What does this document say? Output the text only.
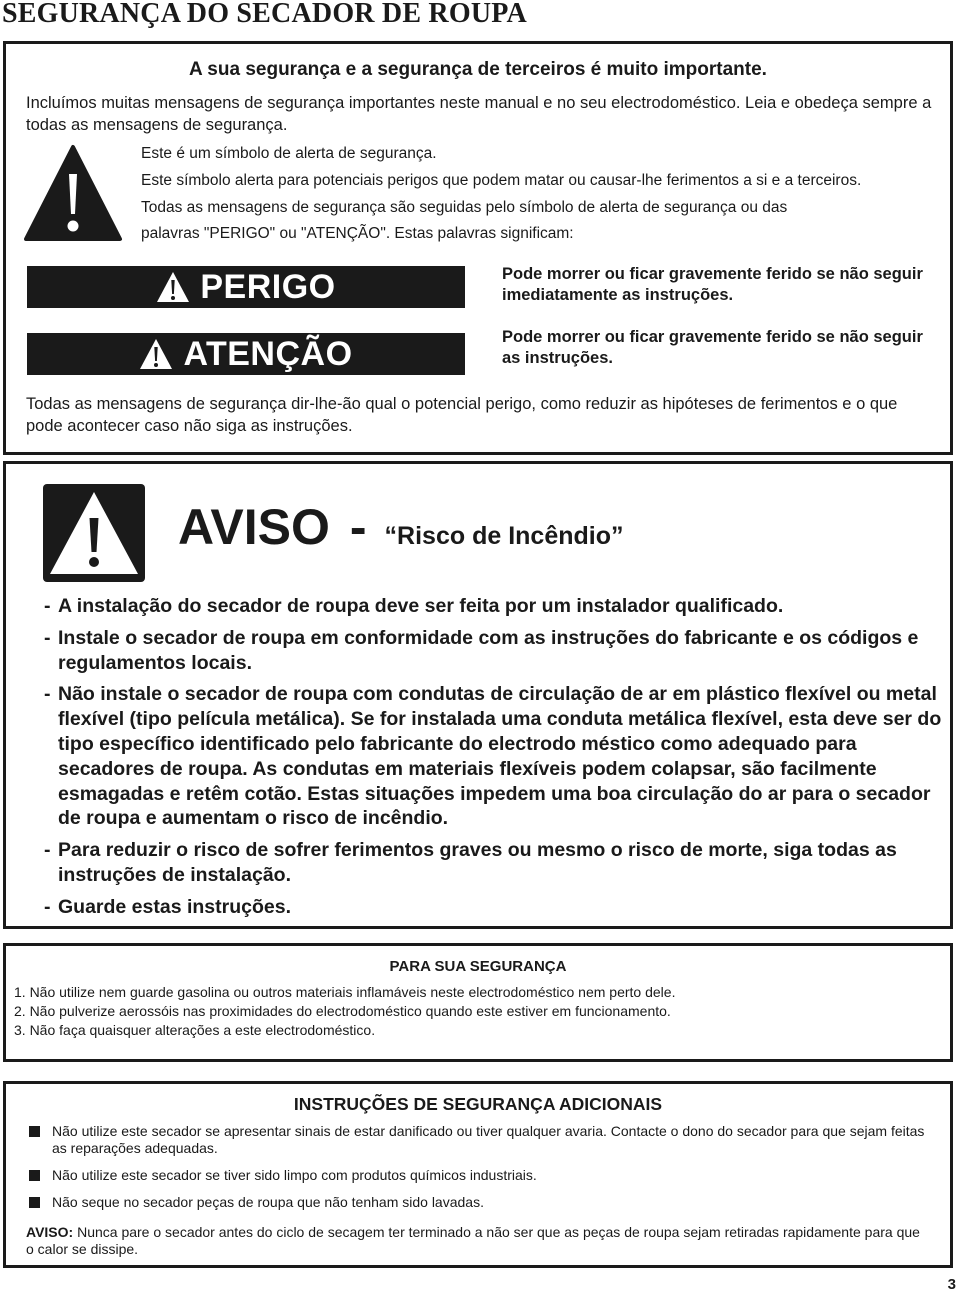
SEGURANÇA DO SECADOR DE ROUPA
A sua segurança e a segurança de terceiros é muito importante.
Incluímos muitas mensagens de segurança importantes neste manual e no seu electrodoméstico. Leia e obedeça sempre a todas as mensagens de segurança.
Este é um símbolo de alerta de segurança.
Este símbolo alerta para potenciais perigos que podem matar ou causar-lhe ferimentos a si e a terceiros.
Todas as mensagens de segurança são seguidas pelo símbolo de alerta de segurança ou das
palavras "PERIGO" ou "ATENÇÃO". Estas palavras significam:
PERIGO	Pode morrer ou ficar gravemente ferido se não seguir imediatamente as instruções.
ATENÇÃO	Pode morrer ou ficar gravemente ferido se não seguir as instruções.
Todas as mensagens de segurança dir-lhe-ão qual o potencial perigo, como reduzir as hipóteses de ferimentos e o que pode acontecer caso não siga as instruções.
AVISO - “Risco de Incêndio”
- A instalação do secador de roupa deve ser feita por um instalador qualificado.
- Instale o secador de roupa em conformidade com as instruções do fabricante e os códigos e regulamentos locais.
- Não instale o secador de roupa com condutas de circulação de ar em plástico flexível ou metal flexível (tipo película metálica). Se for instalada uma conduta metálica flexível, esta deve ser do tipo específico identificado pelo fabricante do electrodo méstico como adequado para secadores de roupa. As condutas em materiais flexíveis podem colapsar, são facilmente esmagadas e retêm cotão. Estas situações impedem uma boa circulação do ar para o secador de roupa e aumentam o risco de incêndio.
- Para reduzir o risco de sofrer ferimentos graves ou mesmo o risco de morte, siga todas as instruções de instalação.
- Guarde estas instruções.
PARA SUA SEGURANÇA
1. Não utilize nem guarde gasolina ou outros materiais inflamáveis neste electrodoméstico nem perto dele.
2. Não pulverize aerossóis nas proximidades do electrodoméstico quando este estiver em funcionamento.
3. Não faça quaisquer alterações a este electrodoméstico.
INSTRUÇÕES DE SEGURANÇA ADICIONAIS
Não utilize este secador se apresentar sinais de estar danificado ou tiver qualquer avaria. Contacte o dono do secador para que sejam feitas as reparações adequadas.
Não utilize este secador se tiver sido limpo com produtos químicos industriais.
Não seque no secador peças de roupa que não tenham sido lavadas.
AVISO: Nunca pare o secador antes do ciclo de secagem ter terminado a não ser que as peças de roupa sejam retiradas rapidamente para que o calor se dissipe.
3
